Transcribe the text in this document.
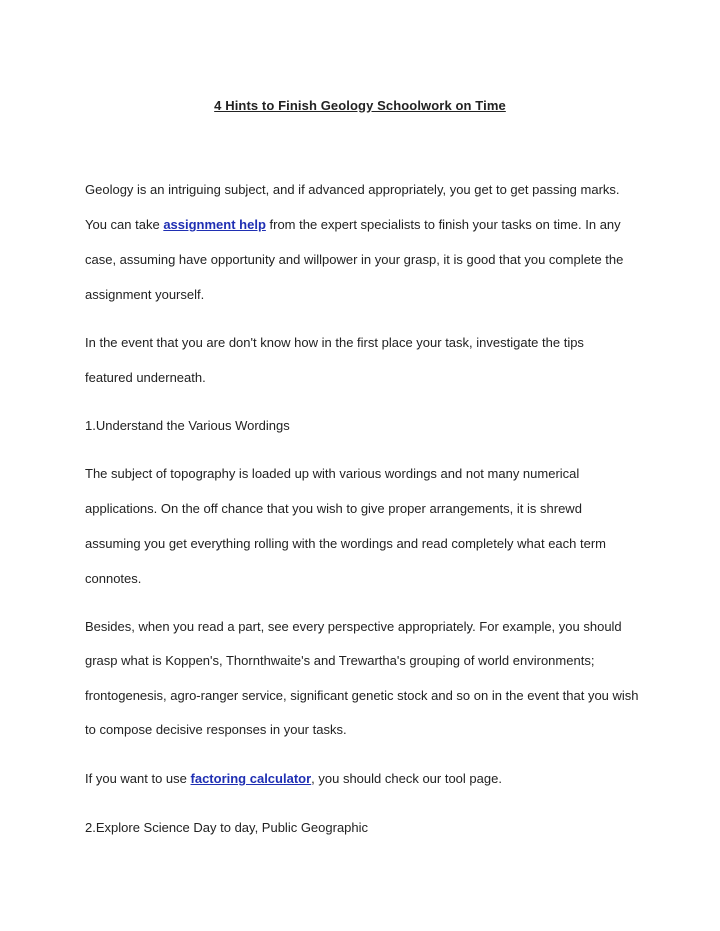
4 Hints to Finish Geology Schoolwork on Time
Geology is an intriguing subject, and if advanced appropriately, you get to get passing marks.
You can take assignment help from the expert specialists to finish your tasks on time. In any
case, assuming have opportunity and willpower in your grasp, it is good that you complete the
assignment yourself.
In the event that you are don't know how in the first place your task, investigate the tips
featured underneath.
1.Understand the Various Wordings
The subject of topography is loaded up with various wordings and not many numerical
applications. On the off chance that you wish to give proper arrangements, it is shrewd
assuming you get everything rolling with the wordings and read completely what each term
connotes.
Besides, when you read a part, see every perspective appropriately. For example, you should
grasp what is Koppen's, Thornthwaite's and Trewartha's grouping of world environments;
frontogenesis, agro-ranger service, significant genetic stock and so on in the event that you wish
to compose decisive responses in your tasks.
If you want to use factoring calculator, you should check our tool page.
2.Explore Science Day to day, Public Geographic
